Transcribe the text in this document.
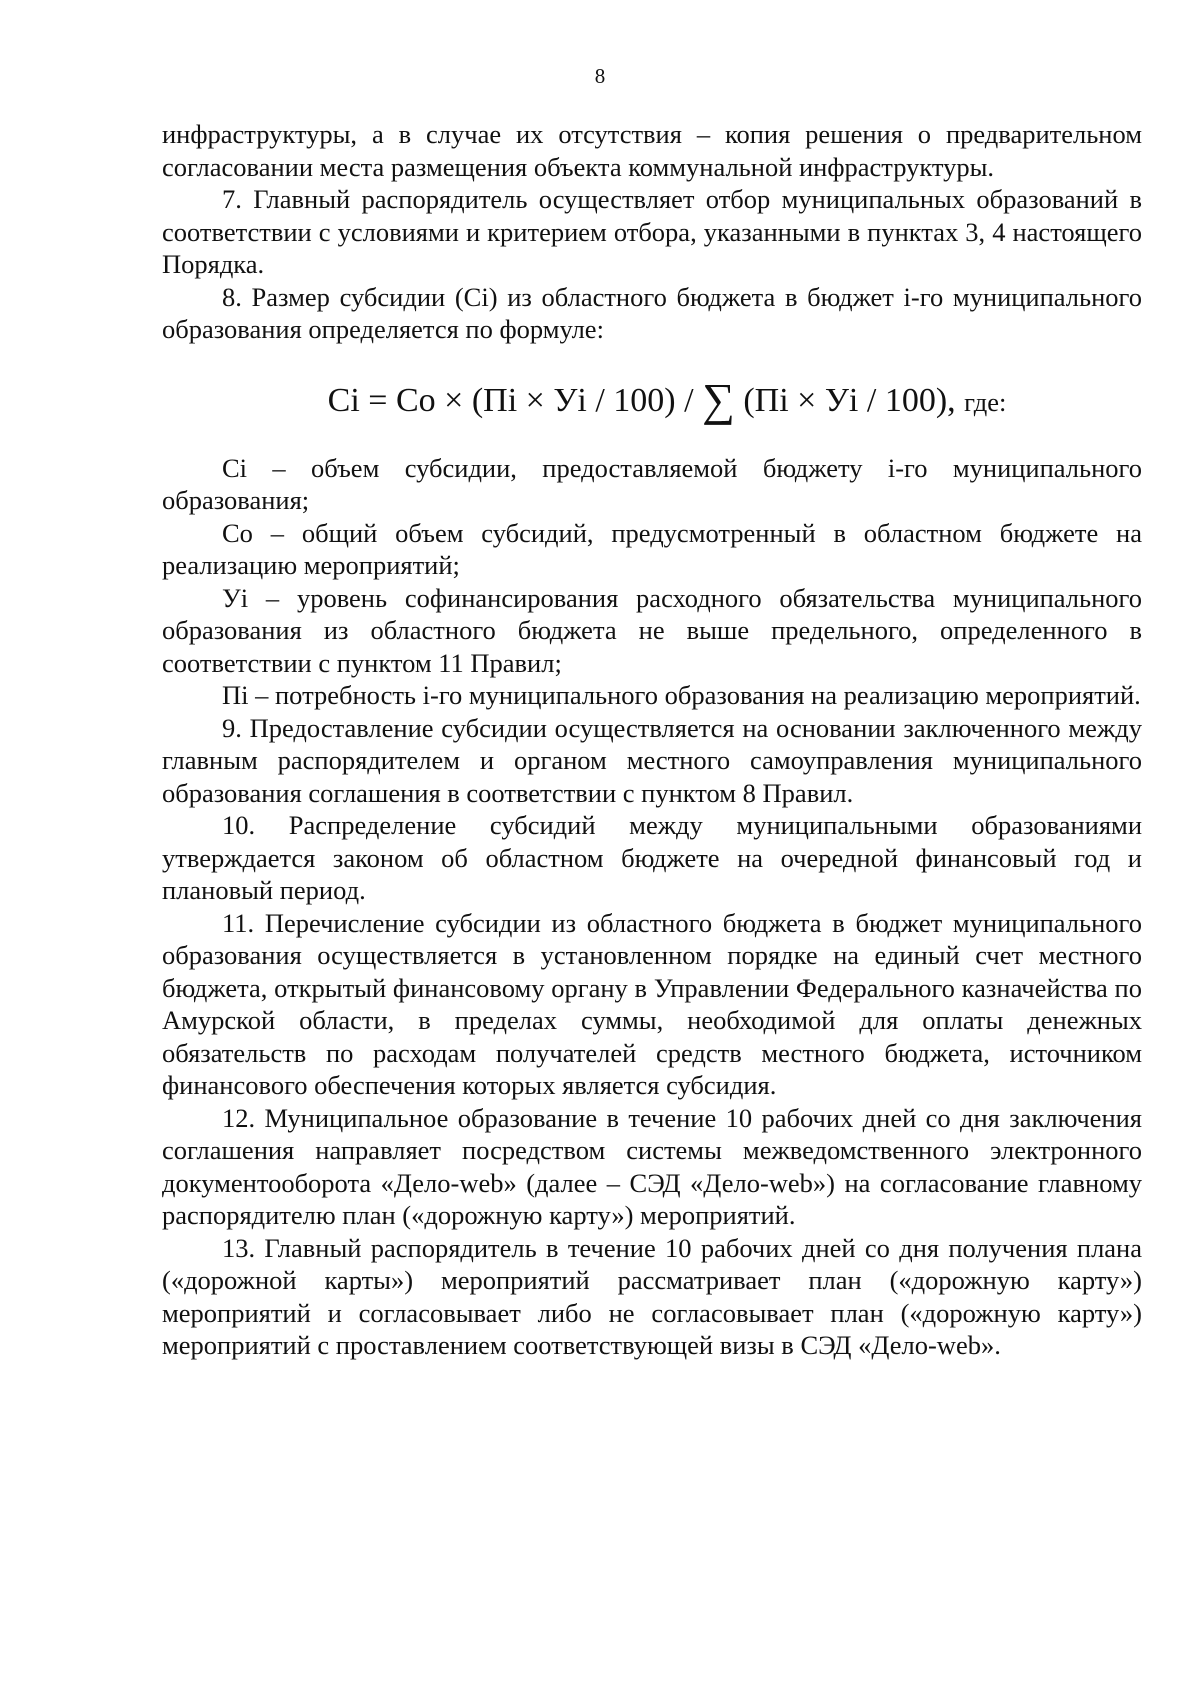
8

инфраструктуры, а в случае их отсутствия – копия решения о предварительном согласовании места размещения объекта коммунальной инфраструктуры.

7. Главный распорядитель осуществляет отбор муниципальных образований в соответствии с условиями и критерием отбора, указанными в пунктах 3, 4 настоящего Порядка.

8. Размер субсидии (Ci) из областного бюджета в бюджет i-го муниципального образования определяется по формуле:

Ci = Co × (Пi × Уi / 100) / ∑ (Пi × Уi / 100), где:

Ci – объем субсидии, предоставляемой бюджету i-го муниципального образования;

Co – общий объем субсидий, предусмотренный в областном бюджете на реализацию мероприятий;

Уi – уровень софинансирования расходного обязательства муниципального образования из областного бюджета не выше предельного, определенного в соответствии с пунктом 11 Правил;

Пi – потребность i-го муниципального образования на реализацию мероприятий.

9. Предоставление субсидии осуществляется на основании заключенного между главным распорядителем и органом местного самоуправления муниципального образования соглашения в соответствии с пунктом 8 Правил.

10. Распределение субсидий между муниципальными образованиями утверждается законом об областном бюджете на очередной финансовый год и плановый период.

11. Перечисление субсидии из областного бюджета в бюджет муниципального образования осуществляется в установленном порядке на единый счет местного бюджета, открытый финансовому органу в Управлении Федерального казначейства по Амурской области, в пределах суммы, необходимой для оплаты денежных обязательств по расходам получателей средств местного бюджета, источником финансового обеспечения которых является субсидия.

12. Муниципальное образование в течение 10 рабочих дней со дня заключения соглашения направляет посредством системы межведомственного электронного документооборота «Дело-web» (далее – СЭД «Дело-web») на согласование главному распорядителю план («дорожную карту») мероприятий.

13. Главный распорядитель в течение 10 рабочих дней со дня получения плана («дорожной карты») мероприятий рассматривает план («дорожную карту») мероприятий и согласовывает либо не согласовывает план («дорожную карту») мероприятий с проставлением соответствующей визы в СЭД «Дело-web».
